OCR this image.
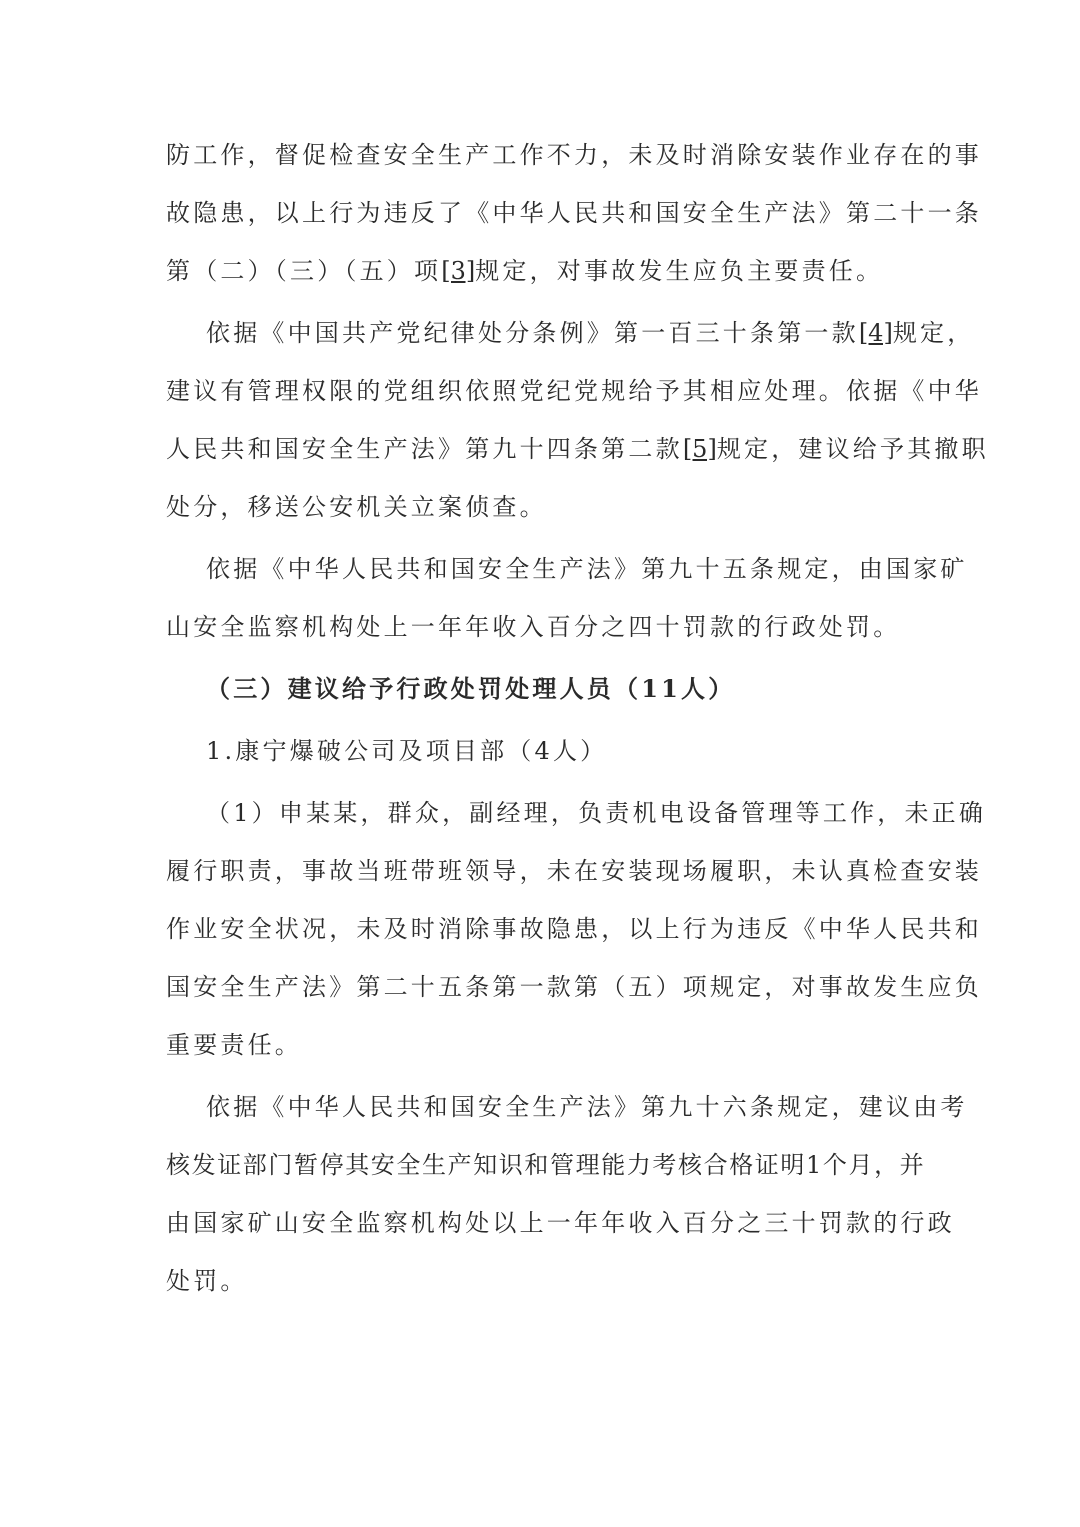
防工作，督促检查安全生产工作不力，未及时消除安装作业存在的事
故隐患，以上行为违反了《中华人民共和国安全生产法》第二十一条
第（二）（三）（五）项[3]规定，对事故发生应负主要责任。
依据《中国共产党纪律处分条例》第一百三十条第一款[4]规定，
建议有管理权限的党组织依照党纪党规给予其相应处理。依据《中华
人民共和国安全生产法》第九十四条第二款[5]规定，建议给予其撤职
处分，移送公安机关立案侦查。
依据《中华人民共和国安全生产法》第九十五条规定，由国家矿
山安全监察机构处上一年年收入百分之四十罚款的行政处罚。
（三）建议给予行政处罚处理人员（11人）
1.康宁爆破公司及项目部（4人）
（1）申某某，群众，副经理，负责机电设备管理等工作，未正确
履行职责，事故当班带班领导，未在安装现场履职，未认真检查安装
作业安全状况，未及时消除事故隐患，以上行为违反《中华人民共和
国安全生产法》第二十五条第一款第（五）项规定，对事故发生应负
重要责任。
依据《中华人民共和国安全生产法》第九十六条规定，建议由考
核发证部门暂停其安全生产知识和管理能力考核合格证明1个月，并
由国家矿山安全监察机构处以上一年年收入百分之三十罚款的行政
处罚。
